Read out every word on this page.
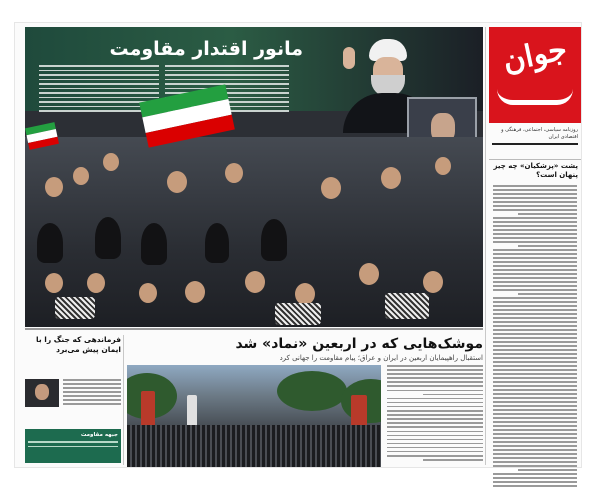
جوان
روزنامه سیاسی، اجتماعی، فرهنگی و اقتصادی ایران
پشت «پزشکیان» چه چیز پنهان است؟
مانور اقتدار مقاومت
موشک‌هایی که در اربعین «نماد» شد
استقبال راهپیمایان اربعین در ایران و عراق؛ پیام مقاومت را جهانی کرد
فرماندهی که جنگ را با ایمان پیش می‌برد
جبهه مقاومت
